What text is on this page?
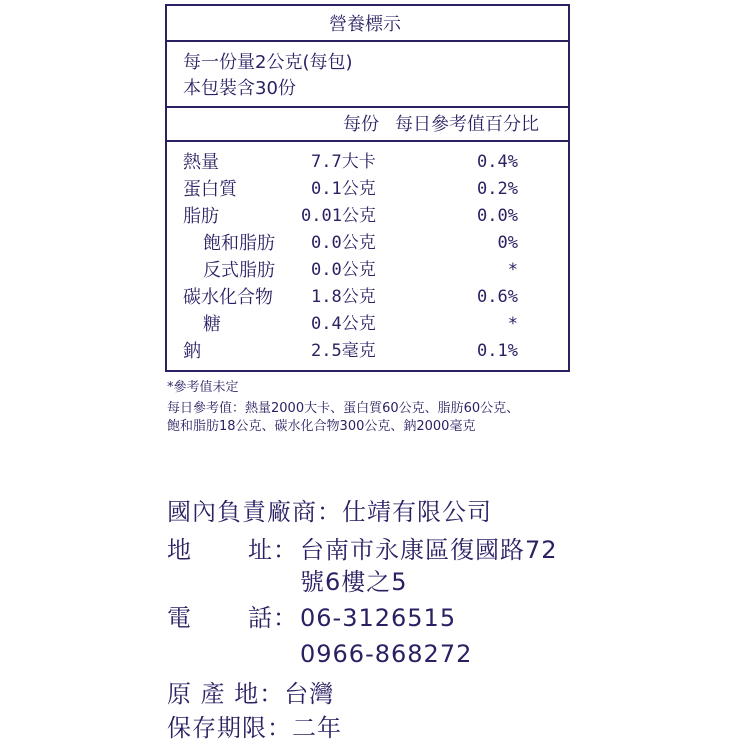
營養標示
每一份量2公克(每包)
本包裝含30份
每份 每日參考值百分比
熱量	7.7大卡	0.4%
蛋白質	0.1公克	0.2%
脂肪	0.01公克	0.0%
飽和脂肪 0.0公克	0%
反式脂肪 0.0公克	*
碳水化合物 1.8公克	0.6%
糖	0.4公克	*
鈉	2.5毫克	0.1%
*參考值未定
每日參考值：熱量2000大卡、蛋白質60公克、脂肪60公克、
飽和脂肪18公克、碳水化合物300公克、鈉2000毫克
國內負責廠商：仕靖有限公司
地 址： 台南市永康區復國路72
號6樓之5
電 話： 06-3126515
0966-868272
原 產 地：台灣
保存期限：二年
